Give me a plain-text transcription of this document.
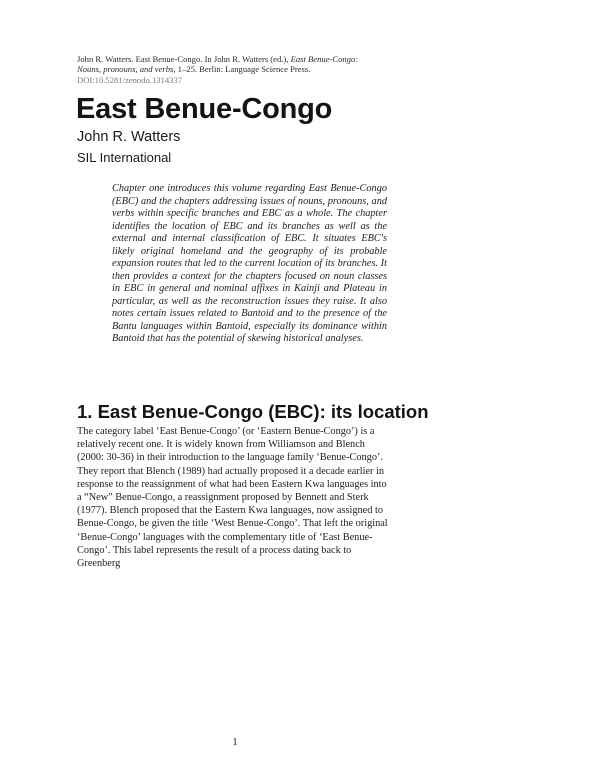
John R. Watters. East Benue-Congo. In John R. Watters (ed.), East Benue-Congo: Nouns, pronouns, and verbs, 1–25. Berlin: Language Science Press.
DOI:10.5281/zenodo.1314337
East Benue-Congo
John R. Watters
SIL International
Chapter one introduces this volume regarding East Benue-Congo (EBC) and the chapters addressing issues of nouns, pronouns, and verbs within specific branches and EBC as a whole. The chapter identifies the location of EBC and its branches as well as the external and internal classification of EBC. It situates EBC's likely original homeland and the geography of its probable expansion routes that led to the current location of its branches. It then provides a context for the chapters focused on noun classes in EBC in general and nominal affixes in Kainji and Plateau in particular, as well as the reconstruction issues they raise. It also notes certain issues related to Bantoid and to the presence of the Bantu languages within Bantoid, especially its dominance within Bantoid that has the potential of skewing historical analyses.
1. East Benue-Congo (EBC): its location
The category label ‘East Benue-Congo’ (or ‘Eastern Benue-Congo’) is a relatively recent one. It is widely known from Williamson and Blench (2000: 30-36) in their introduction to the language family ‘Benue-Congo’. They report that Blench (1989) had actually proposed it a decade earlier in response to the reassignment of what had been Eastern Kwa languages into a “New” Benue-Congo, a reassignment proposed by Bennett and Sterk (1977). Blench proposed that the Eastern Kwa languages, now assigned to Benue-Congo, be given the title ‘West Benue-Congo’. That left the original ‘Benue-Congo’ languages with the complementary title of ‘East Benue-Congo’. This label represents the result of a process dating back to Greenberg
1
